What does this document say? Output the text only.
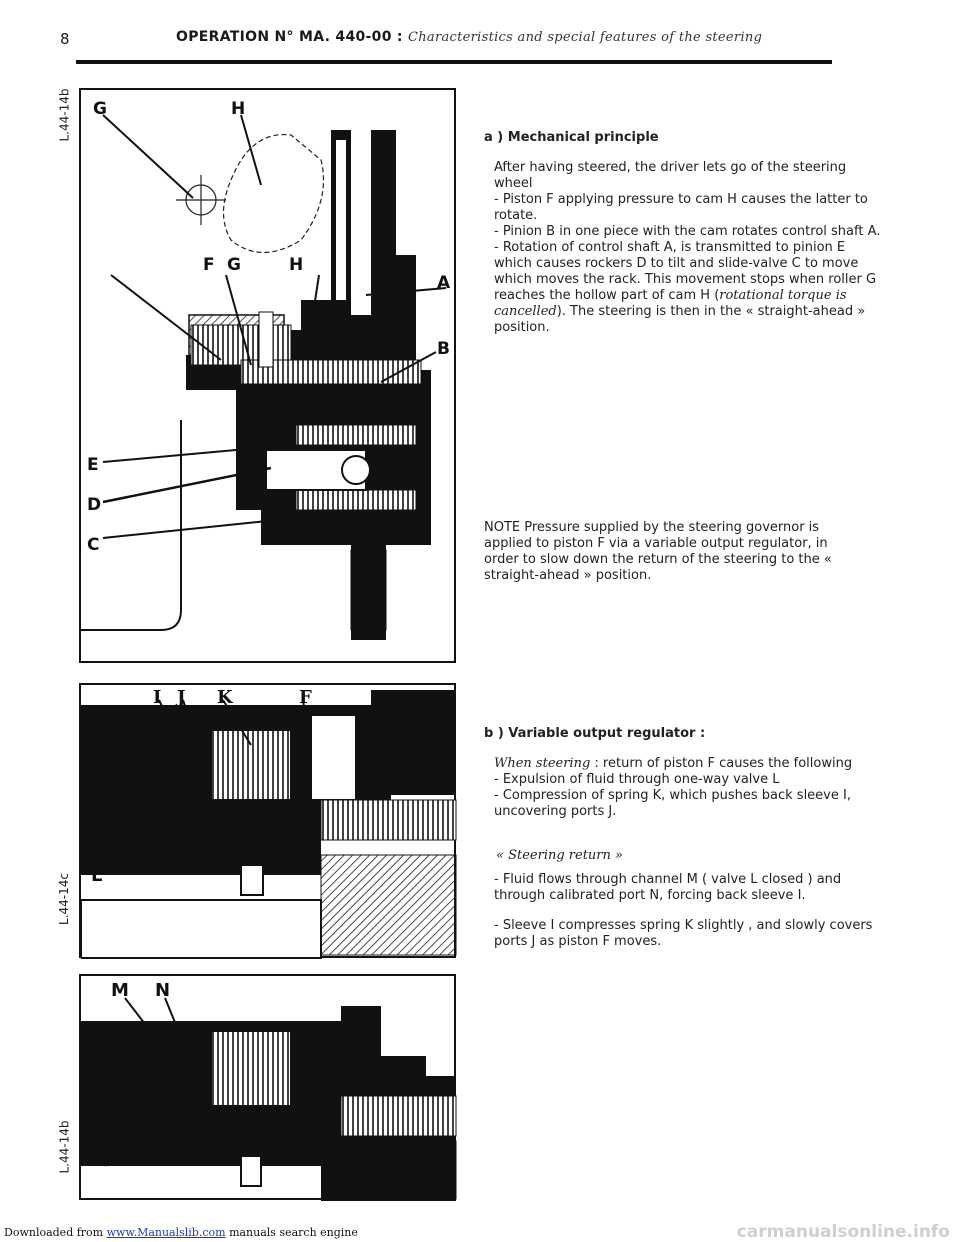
8	OPERATION N° MA. 440-00 : Characteristics and special features of the steering
L.44-14b
L.44-14c
L.44-14b
G	H
F G	H
A
B
E
D
C
I J K	F
L
M N
L

a ) Mechanical principle

After having steered, the driver lets go of the steering wheel

- Piston F applying pressure to cam H causes the latter to rotate.

- Pinion B in one piece with the cam rotates control shaft A.

- Rotation of control shaft A, is transmitted to pinion E which causes rockers D to tilt and slide-valve C to move which moves the rack. This movement stops when roller G reaches the hollow part of cam H (rotational torque is cancelled). The steering is then in the « straight-ahead » position.

NOTE Pressure supplied by the steering governor is applied to piston F via a variable output regulator, in order to slow down the return of the steering to the « straight-ahead » position.

b ) Variable output regulator :

When steering : return of piston F causes the following

- Expulsion of fluid through one-way valve L

- Compression of spring K, which pushes back sleeve I, uncovering ports J.

« Steering return »

- Fluid flows through channel M ( valve L closed ) and through calibrated port N, forcing back sleeve I.

- Sleeve I compresses spring K slightly , and slowly covers ports J as piston F moves.

Downloaded from www.Manualslib.com manuals search engine	carmanualsonline.info
